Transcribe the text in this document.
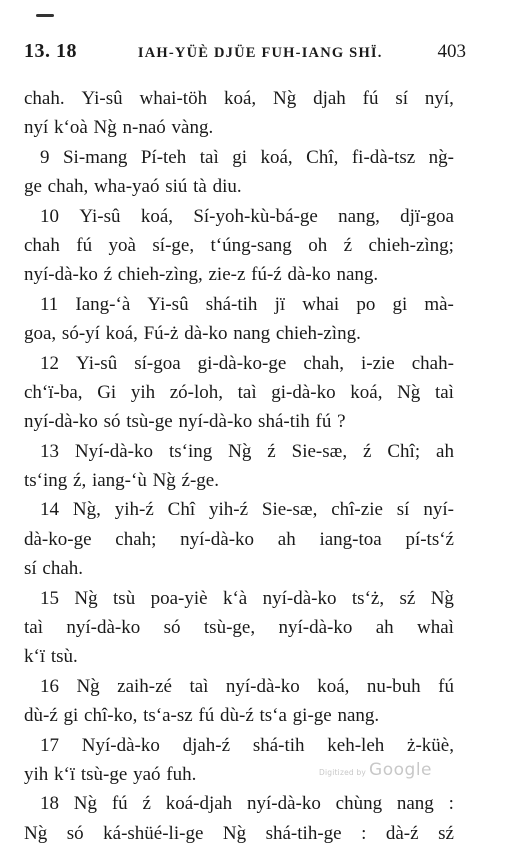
13. 18	IAH-YÜÈ DJÜE FUH-IANG SHÏ.	403
chah. Yi-sû whai-töh koá, Ng̀ djah fú sí nyí,
nyí k‘oà Ng̀ n-naó vàng.
9 Si-mang Pí-teh taì gi koá, Chî, fi-dà-tsz ng̀-
ge chah, wha-yaó siú tà diu.
10 Yi-sû koá, Sí-yoh-kù-bá-ge nang, djï-goa
chah fú yoà sí-ge, t‘úng-sang oh ź chieh-zìng;
nyí-dà-ko ź chieh-zìng, zie-z fú-ź dà-ko nang.
11 Iang-‘à Yi-sû shá-tih jï whai po gi mà-
goa, só-yí koá, Fú-ż dà-ko nang chieh-zìng.
12 Yi-sû sí-goa gi-dà-ko-ge chah, i-zie chah-
ch‘ï-ba, Gi yih zó-loh, taì gi-dà-ko koá, Ng̀ taì
nyí-dà-ko só tsù-ge nyí-dà-ko shá-tih fú ?
13 Nyí-dà-ko ts‘ing Ng̀ ź Sie-sæ, ź Chî; ah
ts‘ing ź, iang-‘ù Ng̀ ź-ge.
14 Ng̀, yih-ź Chî yih-ź Sie-sæ, chî-zie sí nyí-
dà-ko-ge chah; nyí-dà-ko ah iang-toa pí-ts‘ź
sí chah.
15 Ng̀ tsù poa-yiè k‘à nyí-dà-ko ts‘ż, sź Ng̀
taì nyí-dà-ko só tsù-ge, nyí-dà-ko ah whaì
k‘ï tsù.
16 Ng̀ zaih-zé taì nyí-dà-ko koá, nu-buh fú
dù-ź gi chî-ko, ts‘a-sz fú dù-ź ts‘a gi-ge nang.
17 Nyí-dà-ko djah-ź shá-tih keh-leh ż-küè,
yih k‘ï tsù-ge yaó fuh.
18 Ng̀ fú ź koá-djah nyí-dà-ko chùng nang :
Ng̀ só ká-shüé-li-ge Ng̀ shá-tih-ge : dà-ź sź
Digitized by Google
